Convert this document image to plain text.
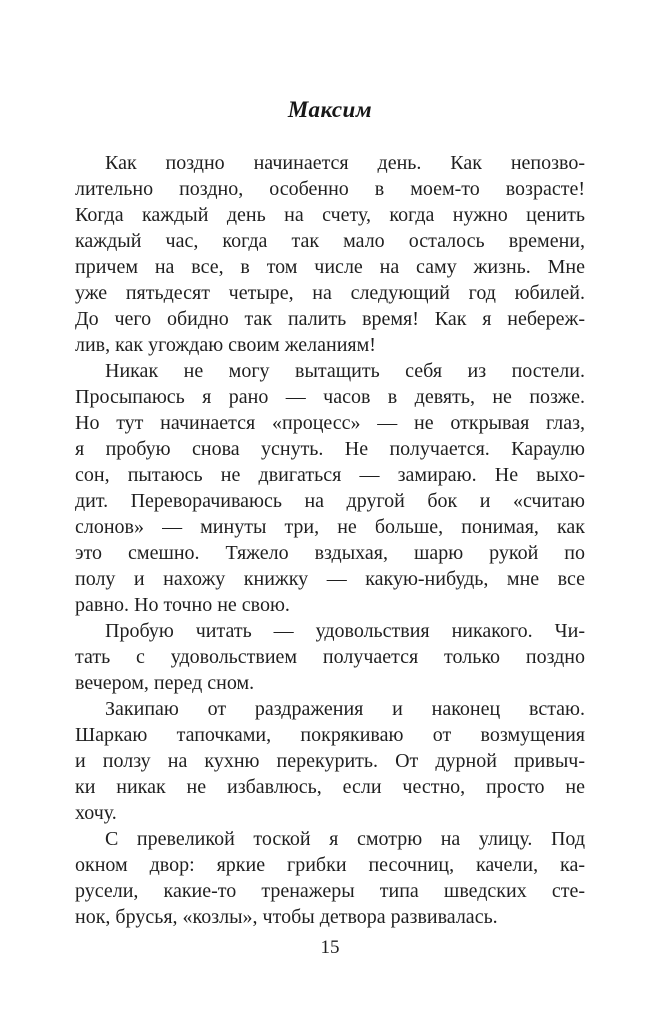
Максим
Как поздно начинается день. Как непозво-
лительно поздно, особенно в моем-то возрасте!
Когда каждый день на счету, когда нужно ценить
каждый час, когда так мало осталось времени,
причем на все, в том числе на саму жизнь. Мне
уже пятьдесят четыре, на следующий год юбилей.
До чего обидно так палить время! Как я небереж-
лив, как угождаю своим желаниям!
Никак не могу вытащить себя из постели.
Просыпаюсь я рано — часов в девять, не позже.
Но тут начинается «процесс» — не открывая глаз,
я пробую снова уснуть. Не получается. Караулю
сон, пытаюсь не двигаться — замираю. Не выхо-
дит. Переворачиваюсь на другой бок и «считаю
слонов» — минуты три, не больше, понимая, как
это смешно. Тяжело вздыхая, шарю рукой по
полу и нахожу книжку — какую-нибудь, мне все
равно. Но точно не свою.
Пробую читать — удовольствия никакого. Чи-
тать с удовольствием получается только поздно
вечером, перед сном.
Закипаю от раздражения и наконец встаю.
Шаркаю тапочками, покрякиваю от возмущения
и ползу на кухню перекурить. От дурной привыч-
ки никак не избавлюсь, если честно, просто не
хочу.
С превеликой тоской я смотрю на улицу. Под
окном двор: яркие грибки песочниц, качели, ка-
русели, какие-то тренажеры типа шведских сте-
нок, брусья, «козлы», чтобы детвора развивалась.
15
